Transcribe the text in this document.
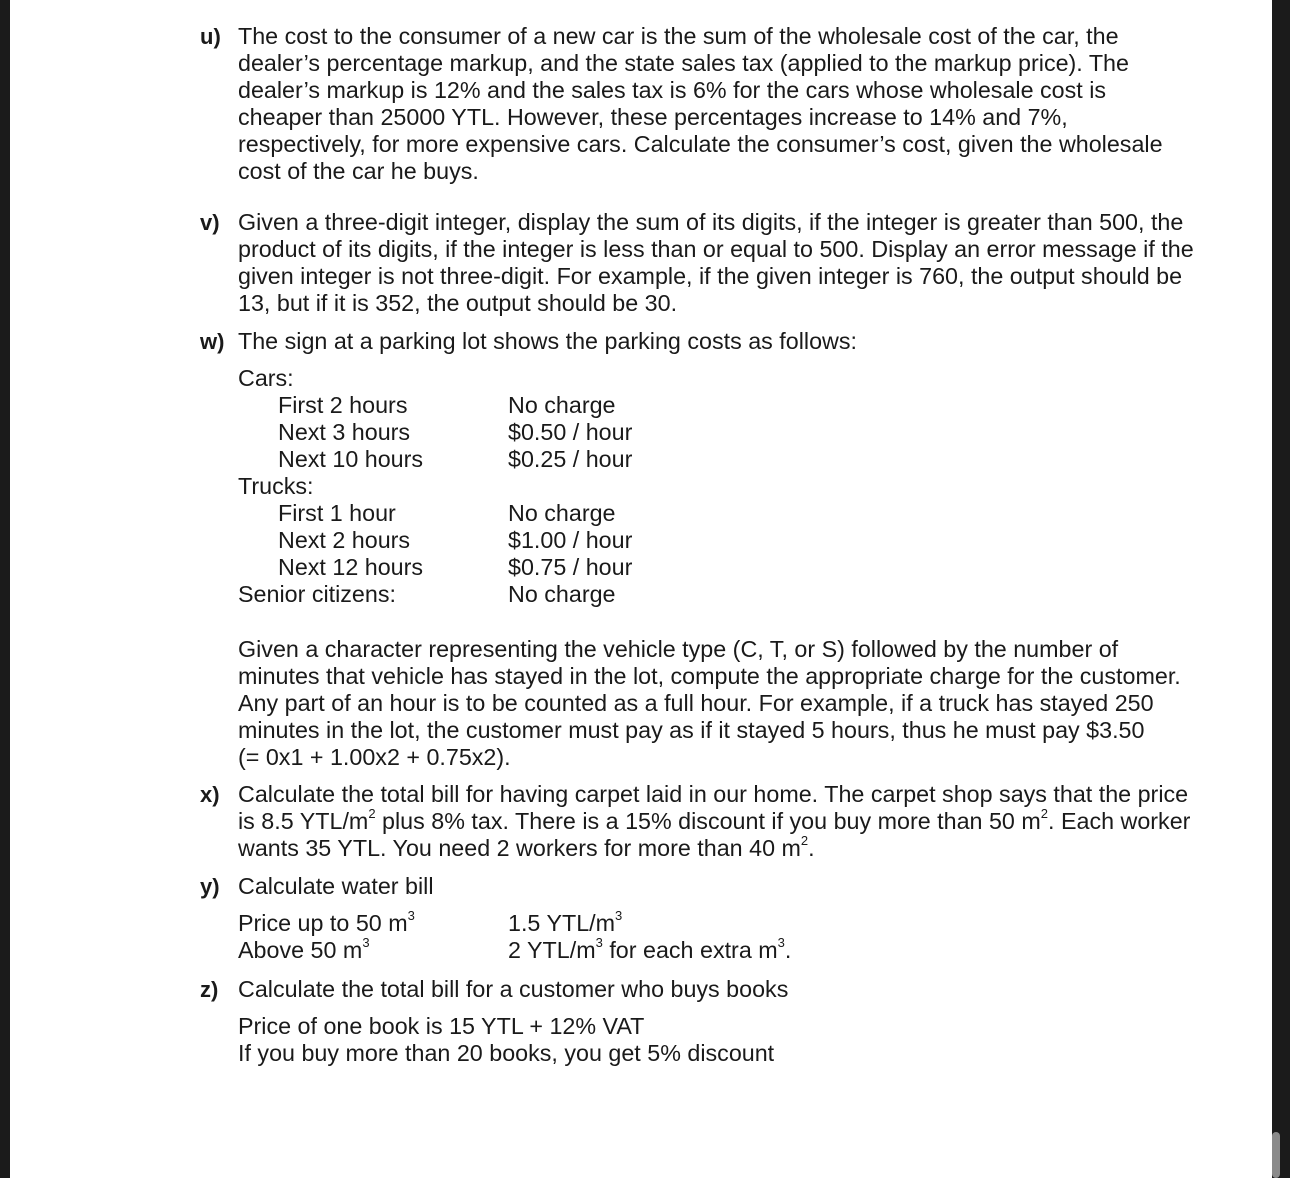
u) The cost to the consumer of a new car is the sum of the wholesale cost of the car, the
dealer’s percentage markup, and the state sales tax (applied to the markup price). The
dealer’s markup is 12% and the sales tax is 6% for the cars whose wholesale cost is
cheaper than 25000 YTL. However, these percentages increase to 14% and 7%,
respectively, for more expensive cars. Calculate the consumer’s cost, given the wholesale
cost of the car he buys.
v) Given a three-digit integer, display the sum of its digits, if the integer is greater than 500, the
product of its digits, if the integer is less than or equal to 500. Display an error message if the
given integer is not three-digit. For example, if the given integer is 760, the output should be
13, but if it is 352, the output should be 30.
w) The sign at a parking lot shows the parking costs as follows:
Cars:
First 2 hours	No charge
Next 3 hours	$0.50 / hour
Next 10 hours	$0.25 / hour
Trucks:
First 1 hour	No charge
Next 2 hours	$1.00 / hour
Next 12 hours	$0.75 / hour
Senior citizens:	No charge
Given a character representing the vehicle type (C, T, or S) followed by the number of
minutes that vehicle has stayed in the lot, compute the appropriate charge for the customer.
Any part of an hour is to be counted as a full hour. For example, if a truck has stayed 250
minutes in the lot, the customer must pay as if it stayed 5 hours, thus he must pay $3.50
(= 0x1 + 1.00x2 + 0.75x2).
x) Calculate the total bill for having carpet laid in our home. The carpet shop says that the price
is 8.5 YTL/$m^2$ plus 8% tax. There is a 15% discount if you buy more than 50 $m^2$. Each worker
wants 35 YTL. You need 2 workers for more than 40 $m^2$.
y) Calculate water bill
Price up to 50 $m^3$	1.5 YTL/$m^3$
Above 50 $m^3$	2 YTL/$m^3$ for each extra $m^3$.
z) Calculate the total bill for a customer who buys books
Price of one book is 15 YTL + 12% VAT
If you buy more than 20 books, you get 5% discount
